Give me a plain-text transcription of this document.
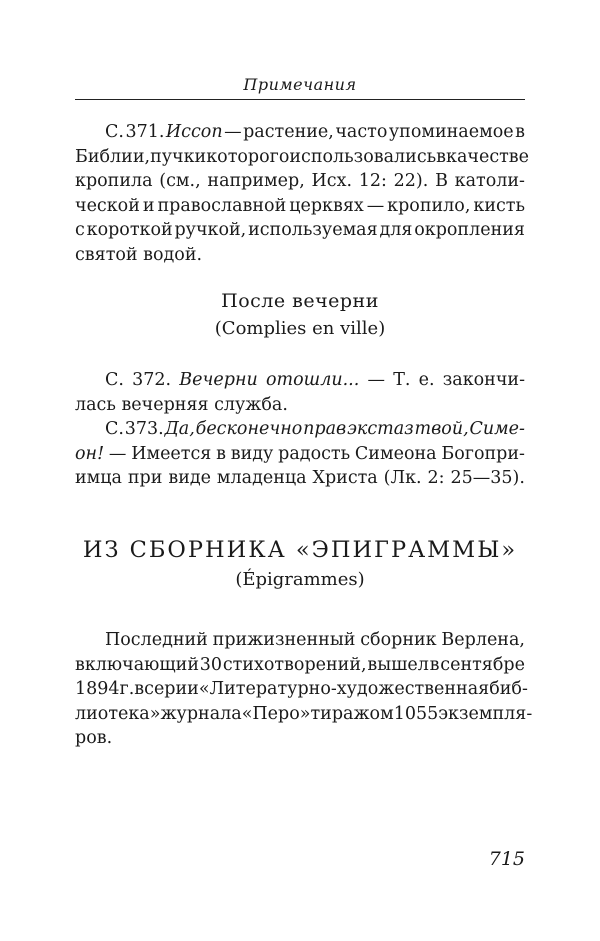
Примечания
С. 371. Иссоп — растение, часто упоминаемое в
Библии, пучки которого использовались в качестве
кропила (см., например, Исх. 12: 22). В католи-
ческой и православной церквях — кропило, кисть
с короткой ручкой, используемая для окропления
святой водой.
После вечерни
(Complies en ville)
С. 372. Вечерни отошли... — Т. е. закончи-
лась вечерняя служба.
С. 373. Да, бесконечно прав экстаз твой, Симе-
он! — Имеется в виду радость Симеона Богопри-
имца при виде младенца Христа (Лк. 2: 25—35).
ИЗ СБОРНИКА «ЭПИГРАММЫ»
(Épigrammes)
Последний прижизненный сборник Верлена,
включающий 30 стихотворений, вышел в сентябре
1894 г. в серии «Литературно-художественная биб-
лиотека» журнала «Перо» тиражом 1055 экземпля-
ров.
715
